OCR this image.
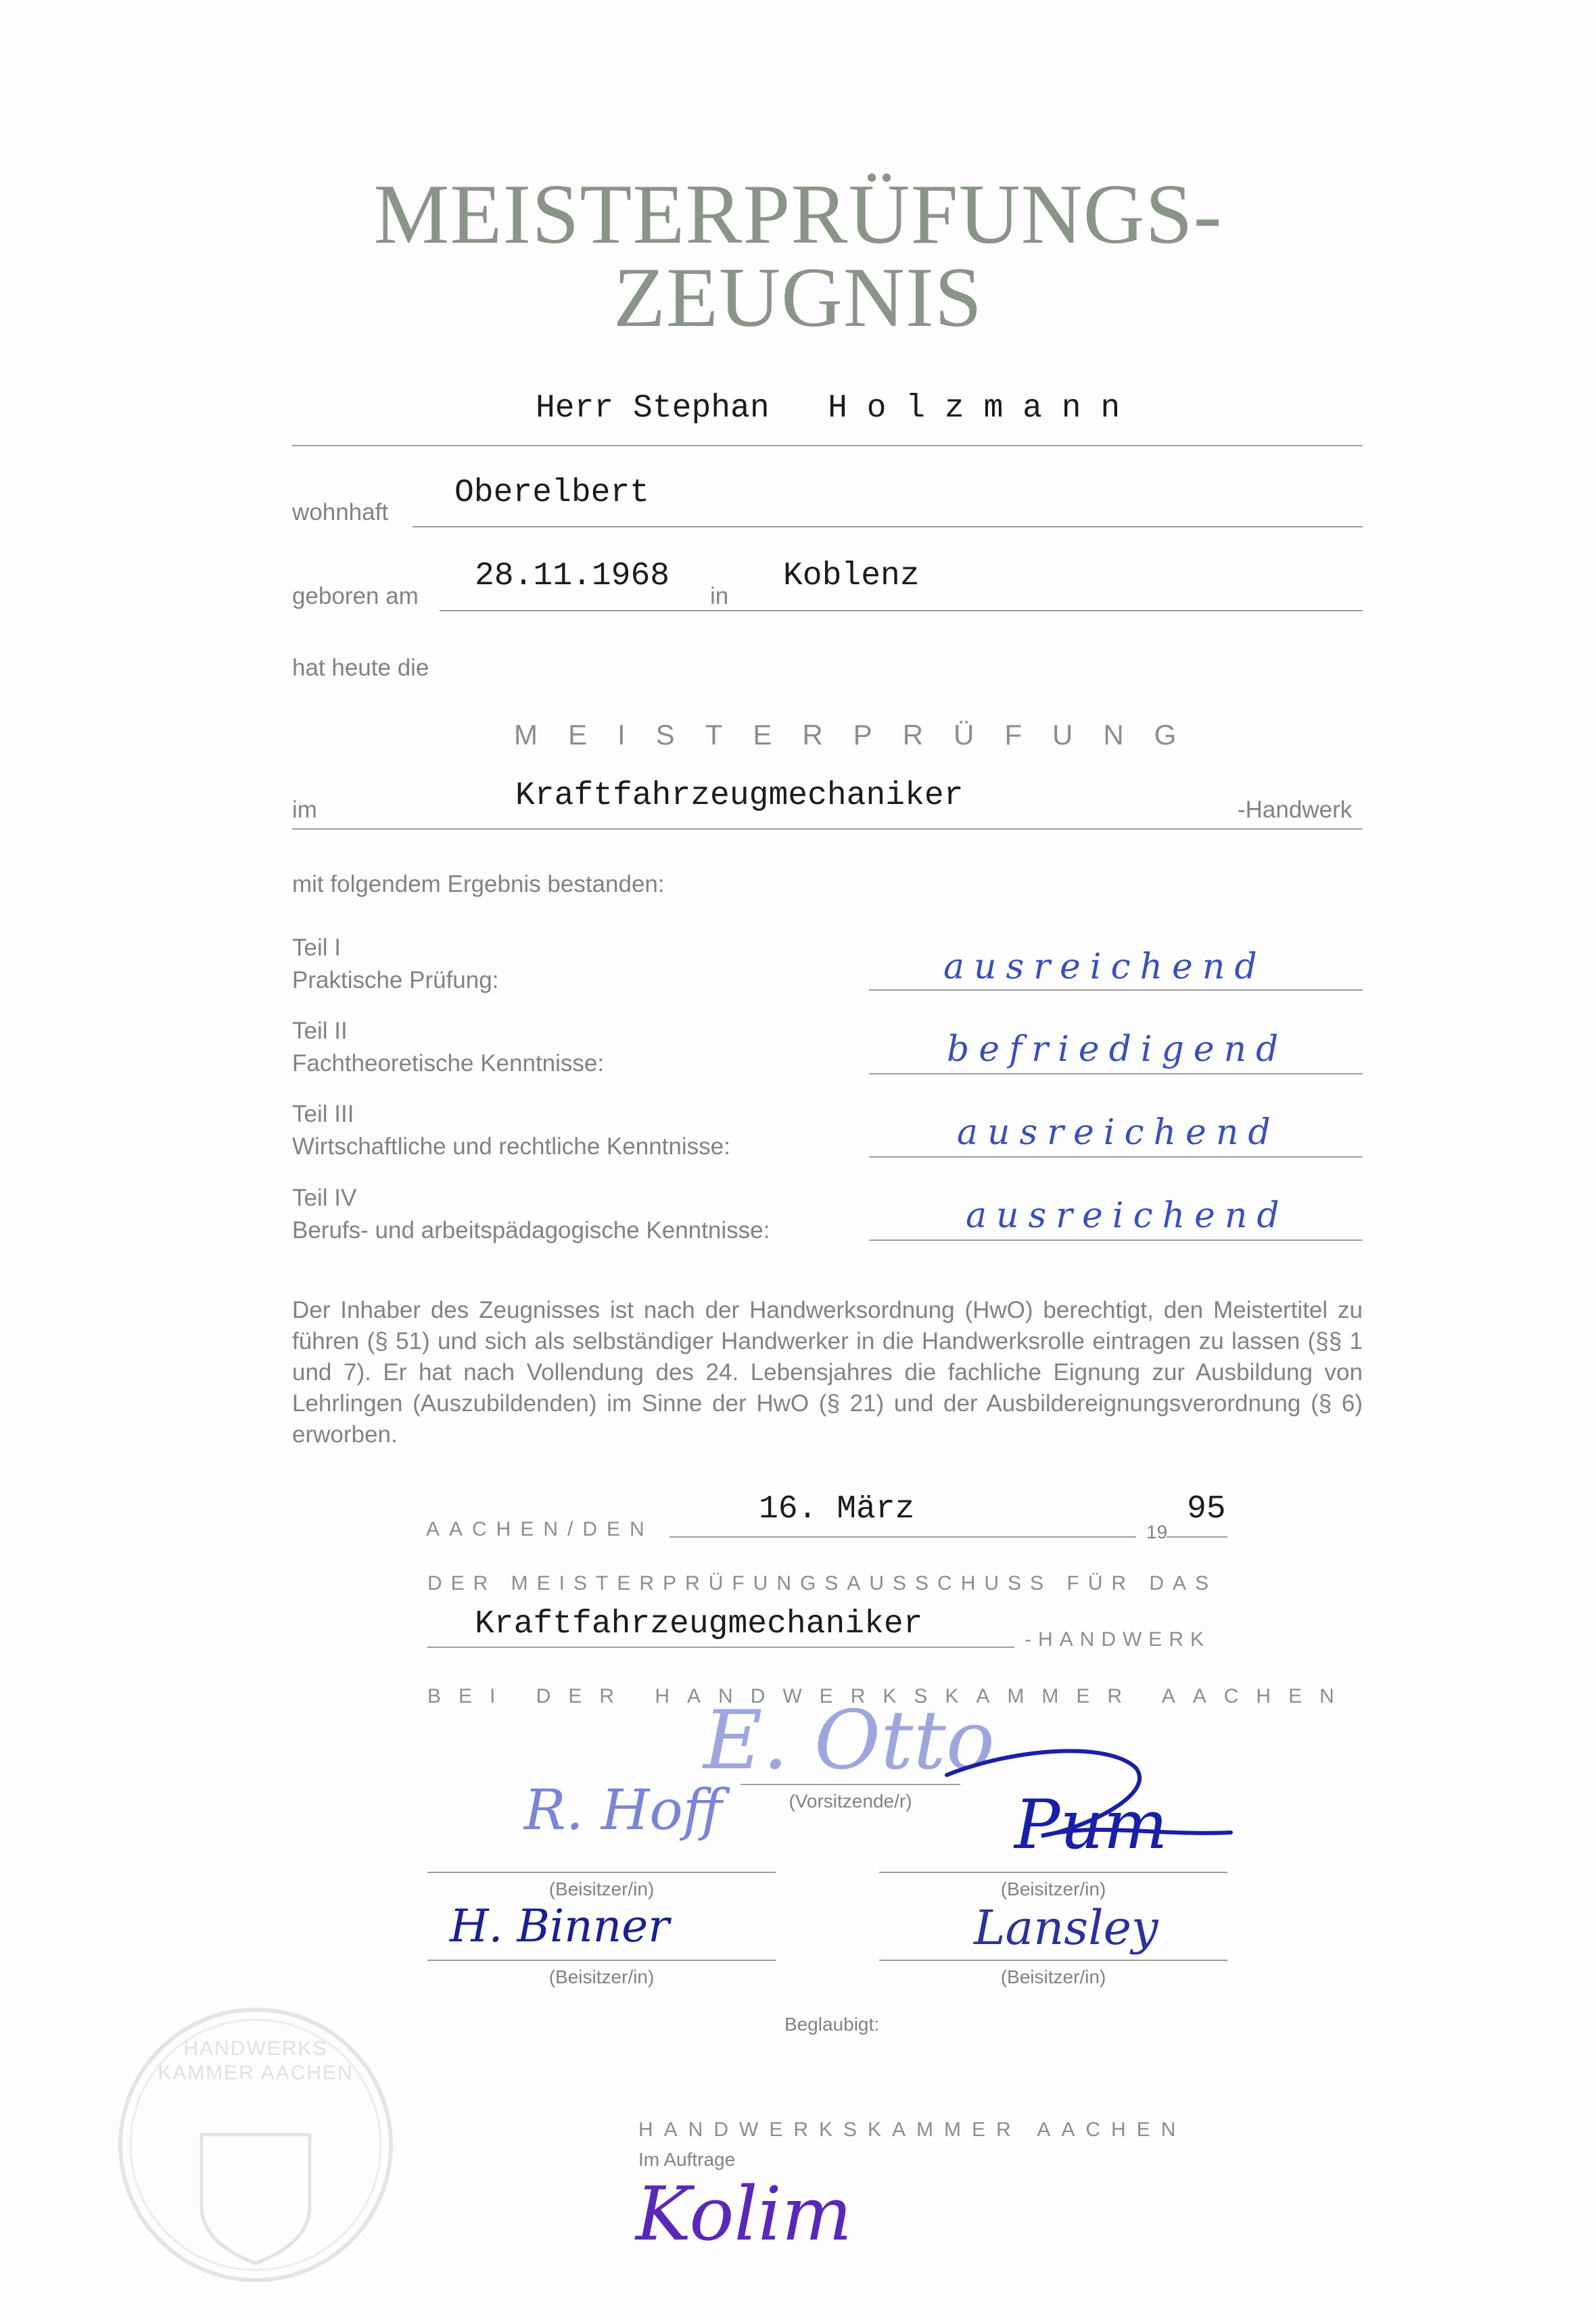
MEISTERPRÜFUNGS-
ZEUGNIS
Herr Stephan   H o l z m a n n
wohnhaft
Oberelbert
geboren am
28.11.1968
in
Koblenz
hat heute die
MEISTERPRÜFUNG
im	Kraftfahrzeugmechaniker	-Handwerk
mit folgendem Ergebnis bestanden:
Teil I
Praktische Prüfung:	ausreichend
Teil II
Fachtheoretische Kenntnisse:	befriedigend
Teil III
Wirtschaftliche und rechtliche Kenntnisse:	ausreichend
Teil IV
Berufs- und arbeitspädagogische Kenntnisse:	ausreichend
Der Inhaber des Zeugnisses ist nach der Handwerksordnung (HwO) berechtigt, den Meistertitel zu führen (§ 51) und sich als selbständiger Handwerker in die Handwerksrolle eintragen zu lassen (§§ 1 und 7). Er hat nach Vollendung des 24. Lebensjahres die fachliche Eignung zur Ausbildung von Lehrlingen (Auszubildenden) im Sinne der HwO (§ 21) und der Ausbildereignungsverordnung (§ 6) erworben.
AACHEN/DEN
16. März
19
95
DER MEISTERPRÜFUNGSAUSSCHUSS FÜR DAS
Kraftfahrzeugmechaniker	-HANDWERK
BEI DER HANDWERKSKAMMER AACHEN
E. Otto
(Vorsitzende/r)
R. Hoff
(Beisitzer/in)
Pum
(Beisitzer/in)
H. Binner
(Beisitzer/in)
Lansley
(Beisitzer/in)
Beglaubigt:
HANDWERKS KAMMER AACHEN
HANDWERKSKAMMER AACHEN
Im Auftrage
Kolim
